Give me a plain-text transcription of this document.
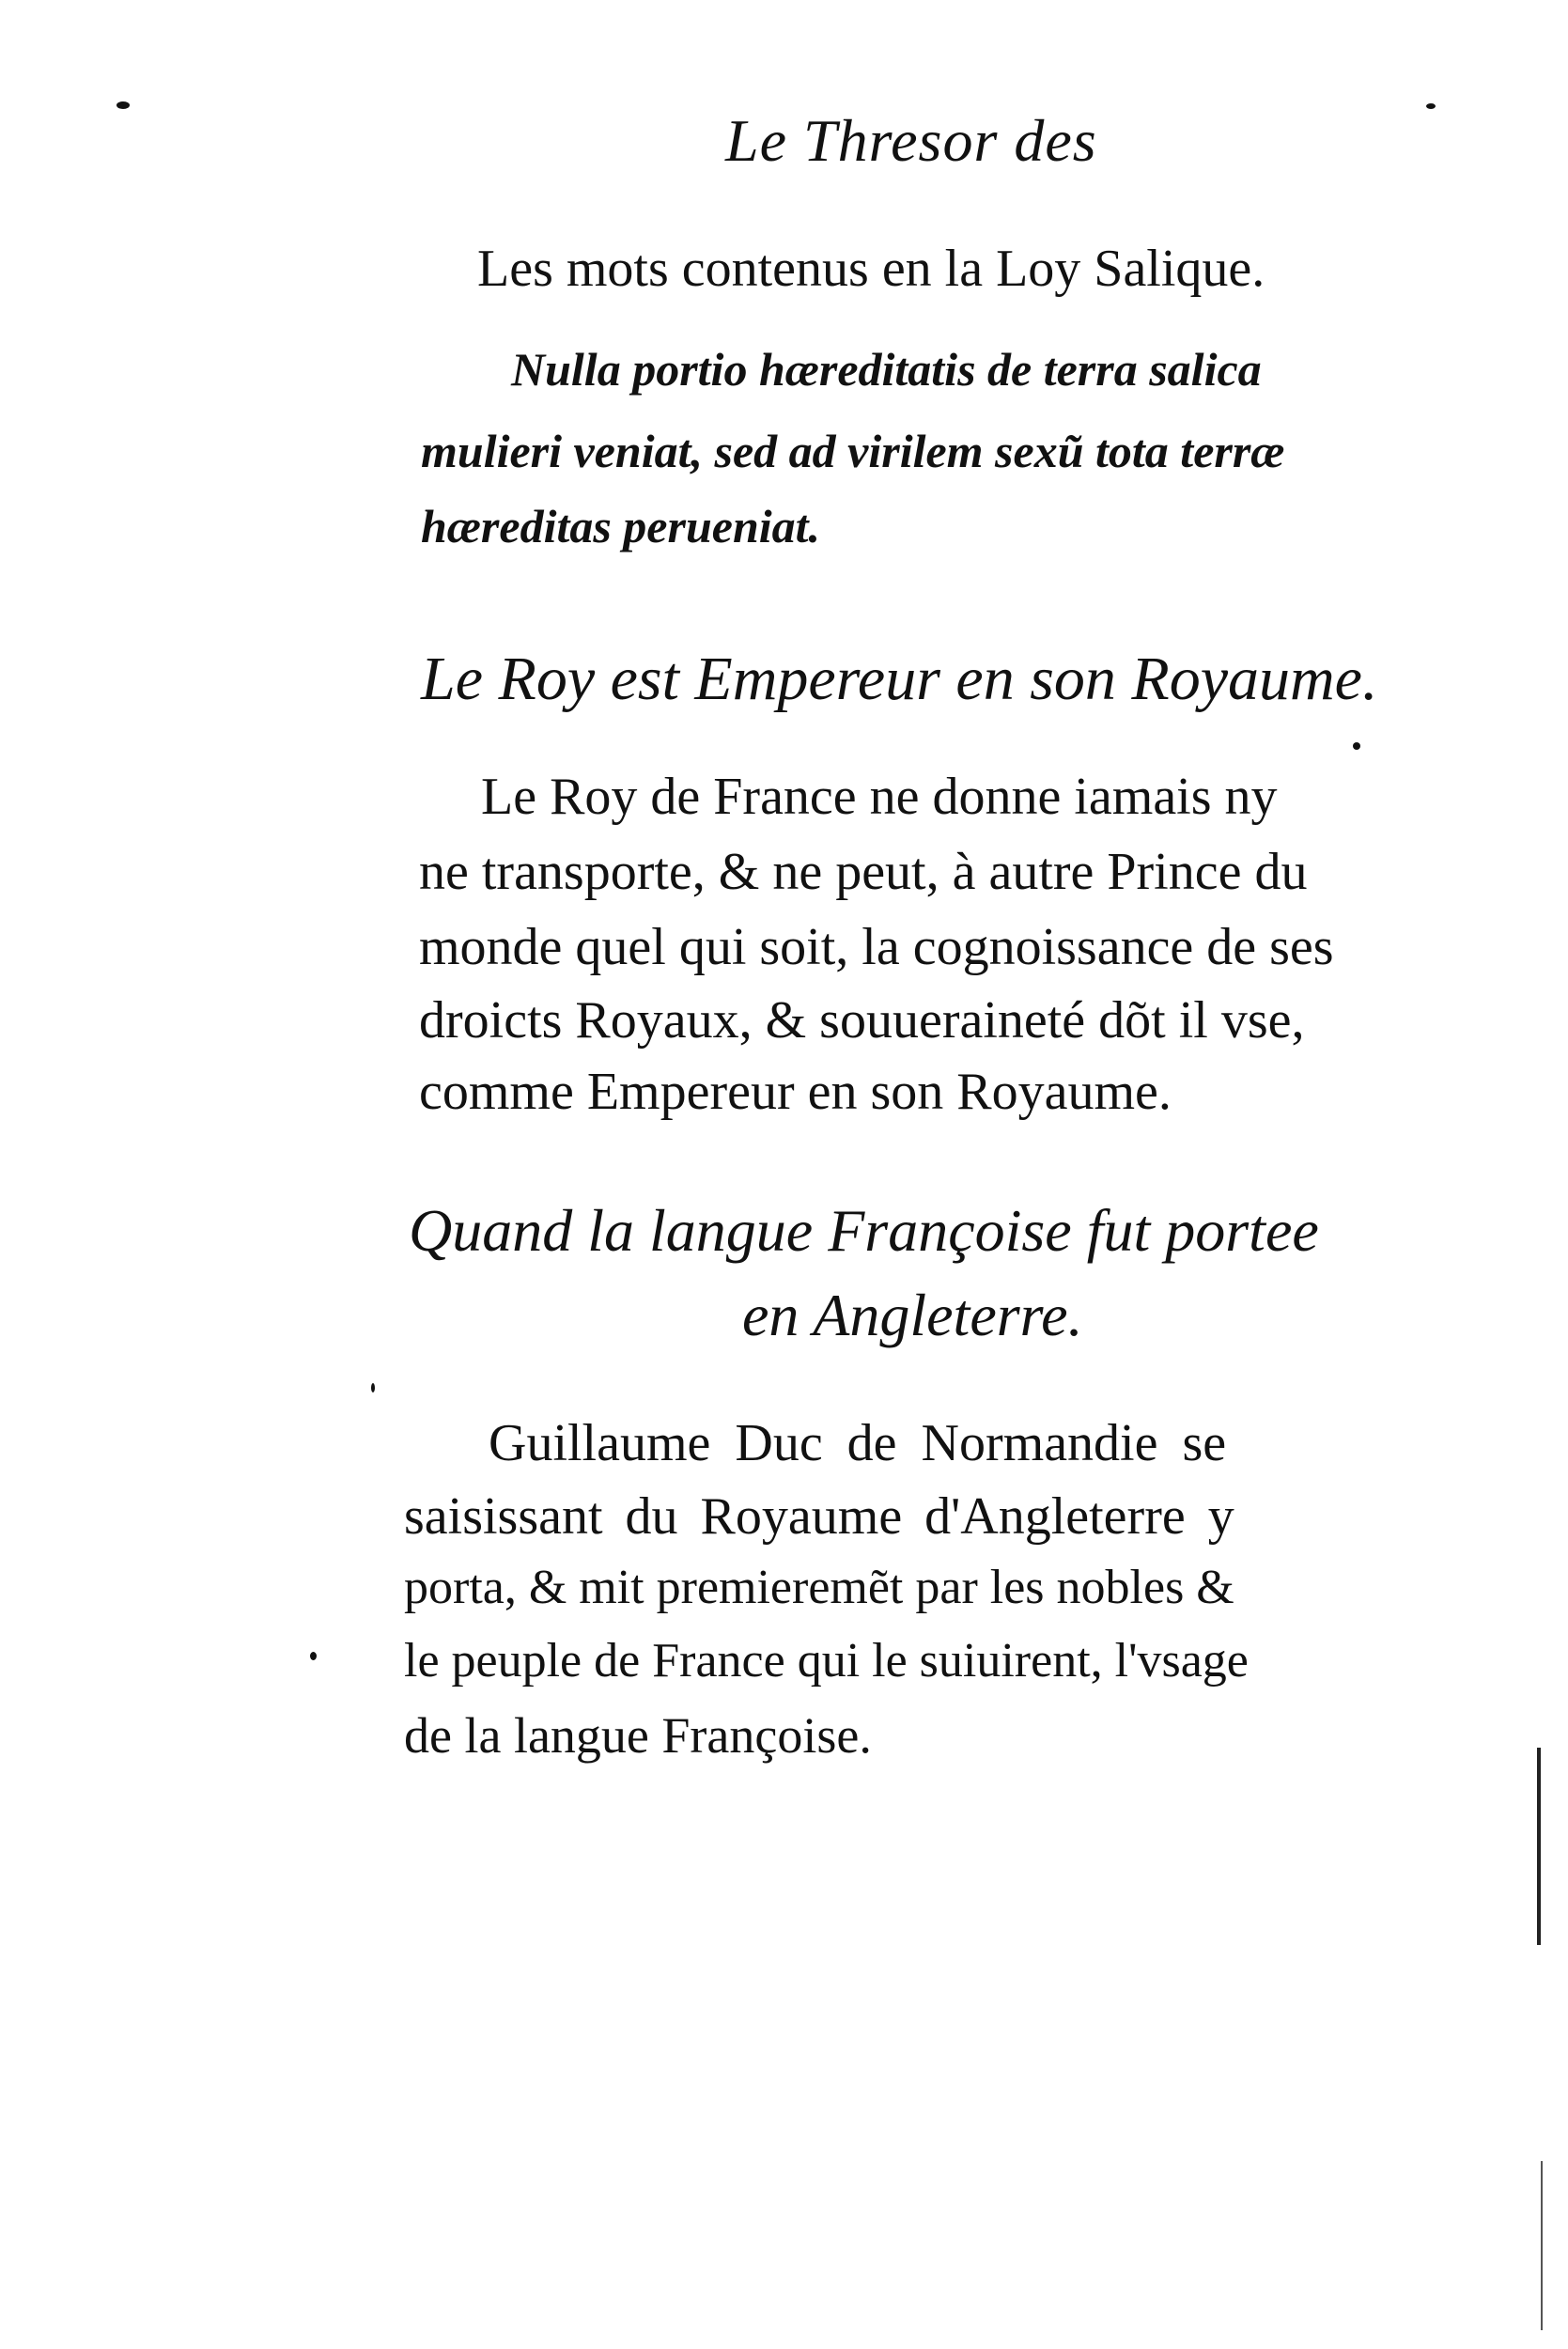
Le Thresor des
Les mots contenus en la Loy Salique.
Nulla portio hæreditatis de terra salica
mulieri veniat, sed ad virilem sexũ tota terræ
hæreditas perueniat.
Le Roy est Empereur en son Royaume.
Le Roy de France ne donne iamais ny
ne transporte, & ne peut, à autre Prince du
monde quel qui soit, la cognoissance de ses
droicts Royaux, & souueraineté dõt il vse,
comme Empereur en son Royaume.
Quand la langue Françoise fut portee
en Angleterre.
Guillaume Duc de Normandie se
saisissant du Royaume d'Angleterre y
porta, & mit premieremẽt par les nobles &
le peuple de France qui le suiuirent, l'vsage
de la langue Françoise.
